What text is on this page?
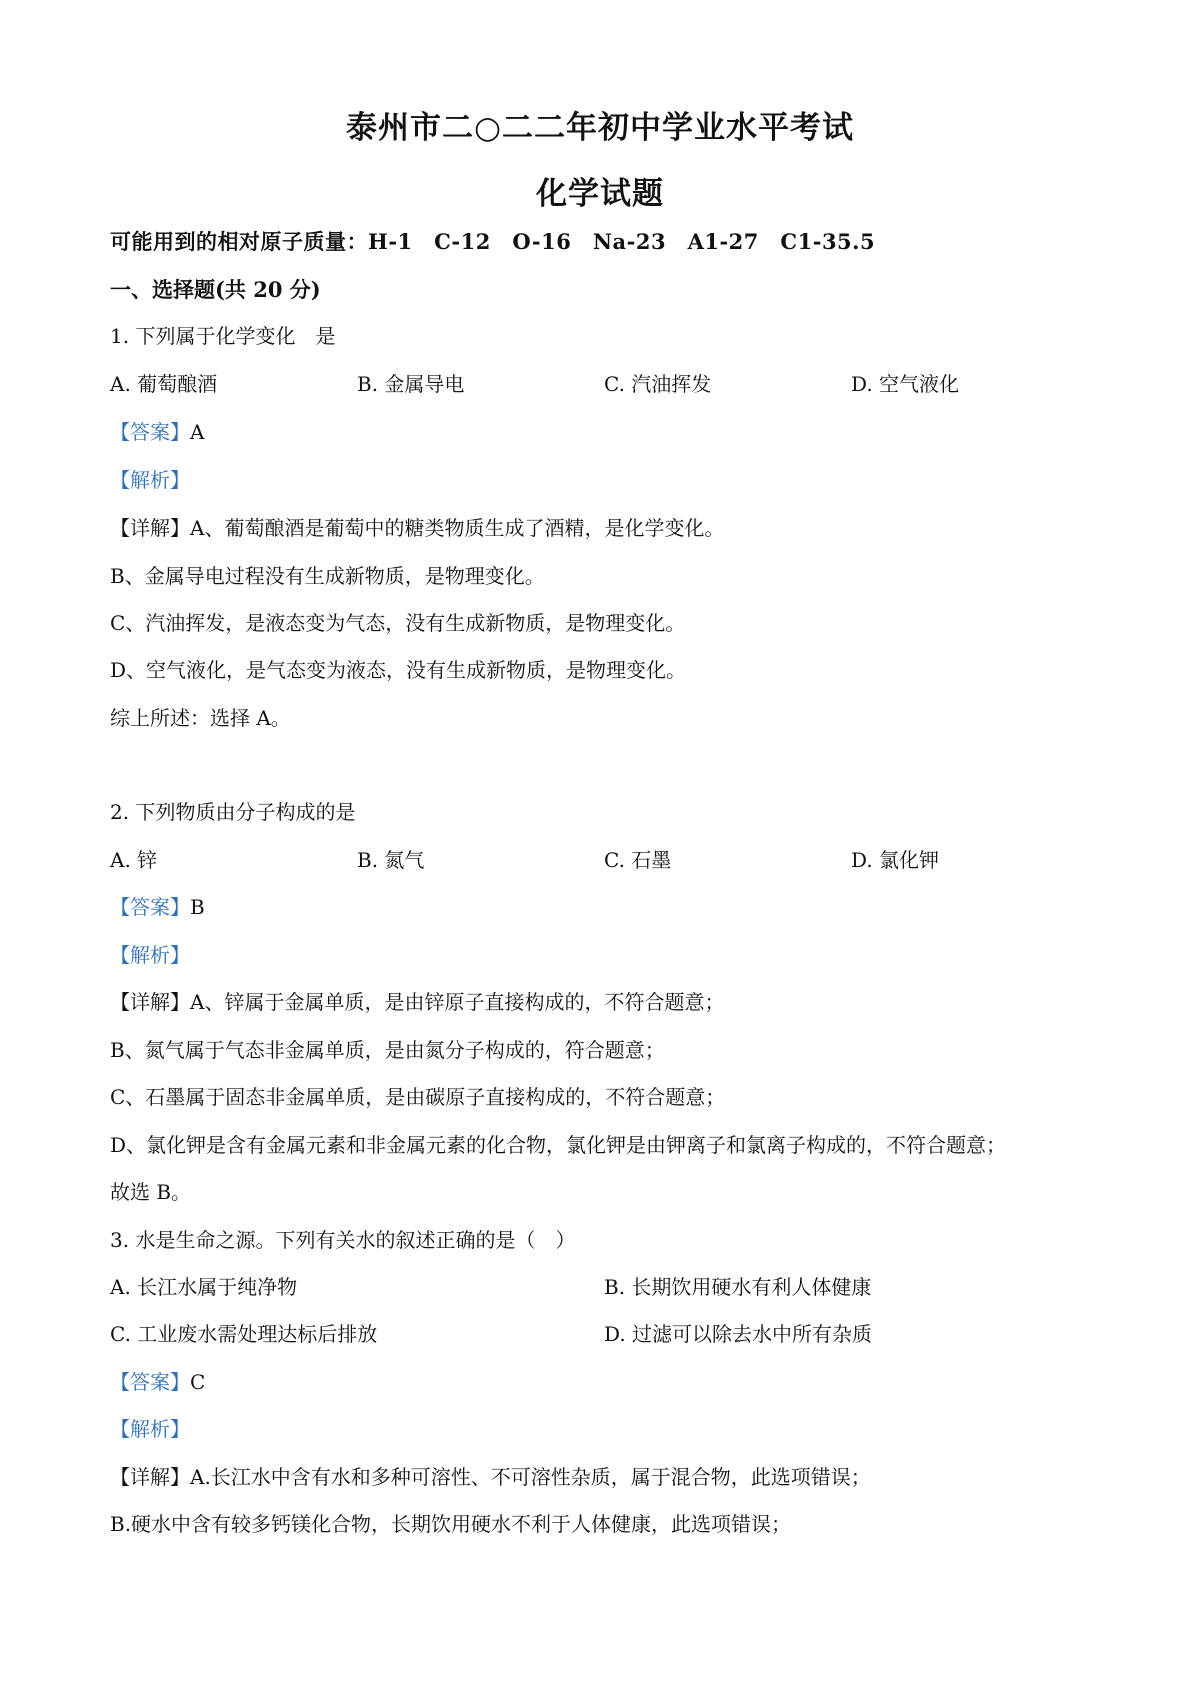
泰州市二○二二年初中学业水平考试
化学试题
可能用到的相对原子质量：H-1　C-12　O-16　Na-23　A1-27　C1-35.5
一、选择题(共 20 分)
1. 下列属于化学变化　是
A. 葡萄酿酒	B. 金属导电	C. 汽油挥发	D. 空气液化
【答案】A
【解析】
【详解】A、葡萄酿酒是葡萄中的糖类物质生成了酒精，是化学变化。
B、金属导电过程没有生成新物质，是物理变化。
C、汽油挥发，是液态变为气态，没有生成新物质，是物理变化。
D、空气液化，是气态变为液态，没有生成新物质，是物理变化。
综上所述：选择 A。
2. 下列物质由分子构成的是
A. 锌	B. 氮气	C. 石墨	D. 氯化钾
【答案】B
【解析】
【详解】A、锌属于金属单质，是由锌原子直接构成的，不符合题意；
B、氮气属于气态非金属单质，是由氮分子构成的，符合题意；
C、石墨属于固态非金属单质，是由碳原子直接构成的，不符合题意；
D、氯化钾是含有金属元素和非金属元素的化合物，氯化钾是由钾离子和氯离子构成的，不符合题意；
故选 B。
3. 水是生命之源。下列有关水的叙述正确的是（　）
A. 长江水属于纯净物	B. 长期饮用硬水有利人体健康
C. 工业废水需处理达标后排放	D. 过滤可以除去水中所有杂质
【答案】C
【解析】
【详解】A.长江水中含有水和多种可溶性、不可溶性杂质，属于混合物，此选项错误；
B.硬水中含有较多钙镁化合物，长期饮用硬水不利于人体健康，此选项错误；
